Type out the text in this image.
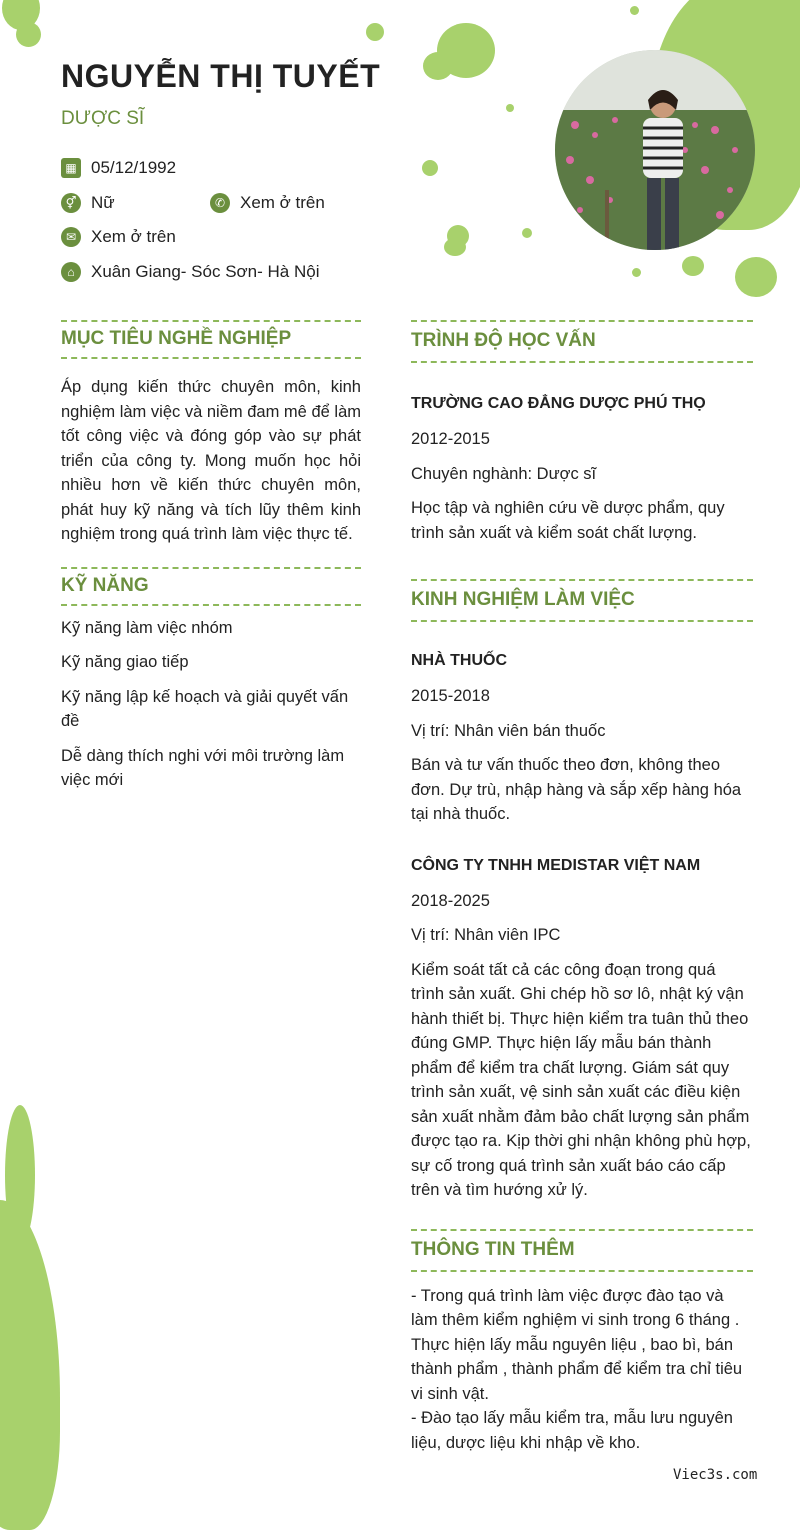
NGUYỄN THỊ TUYẾT
DƯỢC SĨ
▦ 05/12/1992
⚥ Nữ	✆ Xem ở trên
✉ Xem ở trên
⌂ Xuân Giang- Sóc Sơn- Hà Nội
MỤC TIÊU NGHỀ NGHIỆP
Áp dụng kiến thức chuyên môn, kinh nghiệm làm việc và niềm đam mê để làm tốt công việc và đóng góp vào sự phát triển của công ty. Mong muốn học hỏi nhiều hơn về kiến thức chuyên môn, phát huy kỹ năng và tích lũy thêm kinh nghiệm trong quá trình làm việc thực tế.
KỸ NĂNG
Kỹ năng làm việc nhóm
Kỹ năng giao tiếp
Kỹ năng lập kế hoạch và giải quyết vấn đề
Dễ dàng thích nghi với môi trường làm việc mới
TRÌNH ĐỘ HỌC VẤN
TRƯỜNG CAO ĐẲNG DƯỢC PHÚ THỌ
2012-2015
Chuyên nghành: Dược sĩ
Học tập và nghiên cứu về dược phẩm, quy trình sản xuất và kiểm soát chất lượng.
KINH NGHIỆM LÀM VIỆC
NHÀ THUỐC
2015-2018
Vị trí: Nhân viên bán thuốc
Bán và tư vấn thuốc theo đơn, không theo đơn. Dự trù, nhập hàng và sắp xếp hàng hóa tại nhà thuốc.
CÔNG TY TNHH MEDISTAR VIỆT NAM
2018-2025
Vị trí: Nhân viên IPC
Kiểm soát tất cả các công đoạn trong quá trình sản xuất. Ghi chép hồ sơ lô, nhật ký vận hành thiết bị. Thực hiện kiểm tra tuân thủ theo đúng GMP. Thực hiện lấy mẫu bán thành phẩm để kiểm tra chất lượng. Giám sát quy trình sản xuất, vệ sinh sản xuất các điều kiện sản xuất nhằm đảm bảo chất lượng sản phẩm được tạo ra. Kịp thời ghi nhận không phù hợp, sự cố trong quá trình sản xuất báo cáo cấp trên và tìm hướng xử lý.
THÔNG TIN THÊM
- Trong quá trình làm việc được đào tạo và làm thêm kiểm nghiệm vi sinh trong 6 tháng . Thực hiện lấy mẫu nguyên liệu , bao bì, bán thành phẩm , thành phẩm để kiểm tra chỉ tiêu vi sinh vật.
- Đào tạo lấy mẫu kiểm tra, mẫu lưu nguyên liệu, dược liệu khi nhập về kho.
Viec3s.com
